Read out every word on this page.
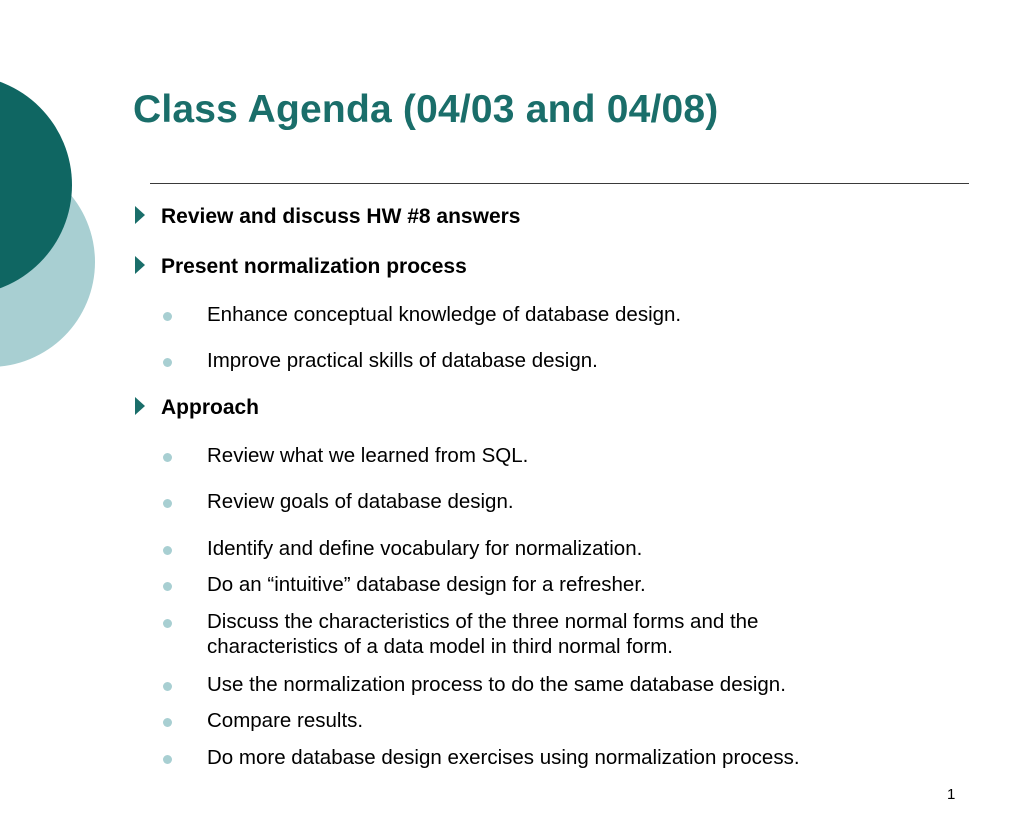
Class Agenda (04/03 and 04/08)
Review and discuss HW #8 answers
Present normalization process
Enhance conceptual knowledge of database design.
Improve practical skills of database design.
Approach
Review what we learned from SQL.
Review goals of database design.
Identify and define vocabulary for normalization.
Do an “intuitive” database design for a refresher.
Discuss the characteristics of the three normal forms and the
characteristics of a data model in third normal form.
Use the normalization process to do the same database design.
Compare results.
Do more database design exercises using normalization process.
1
